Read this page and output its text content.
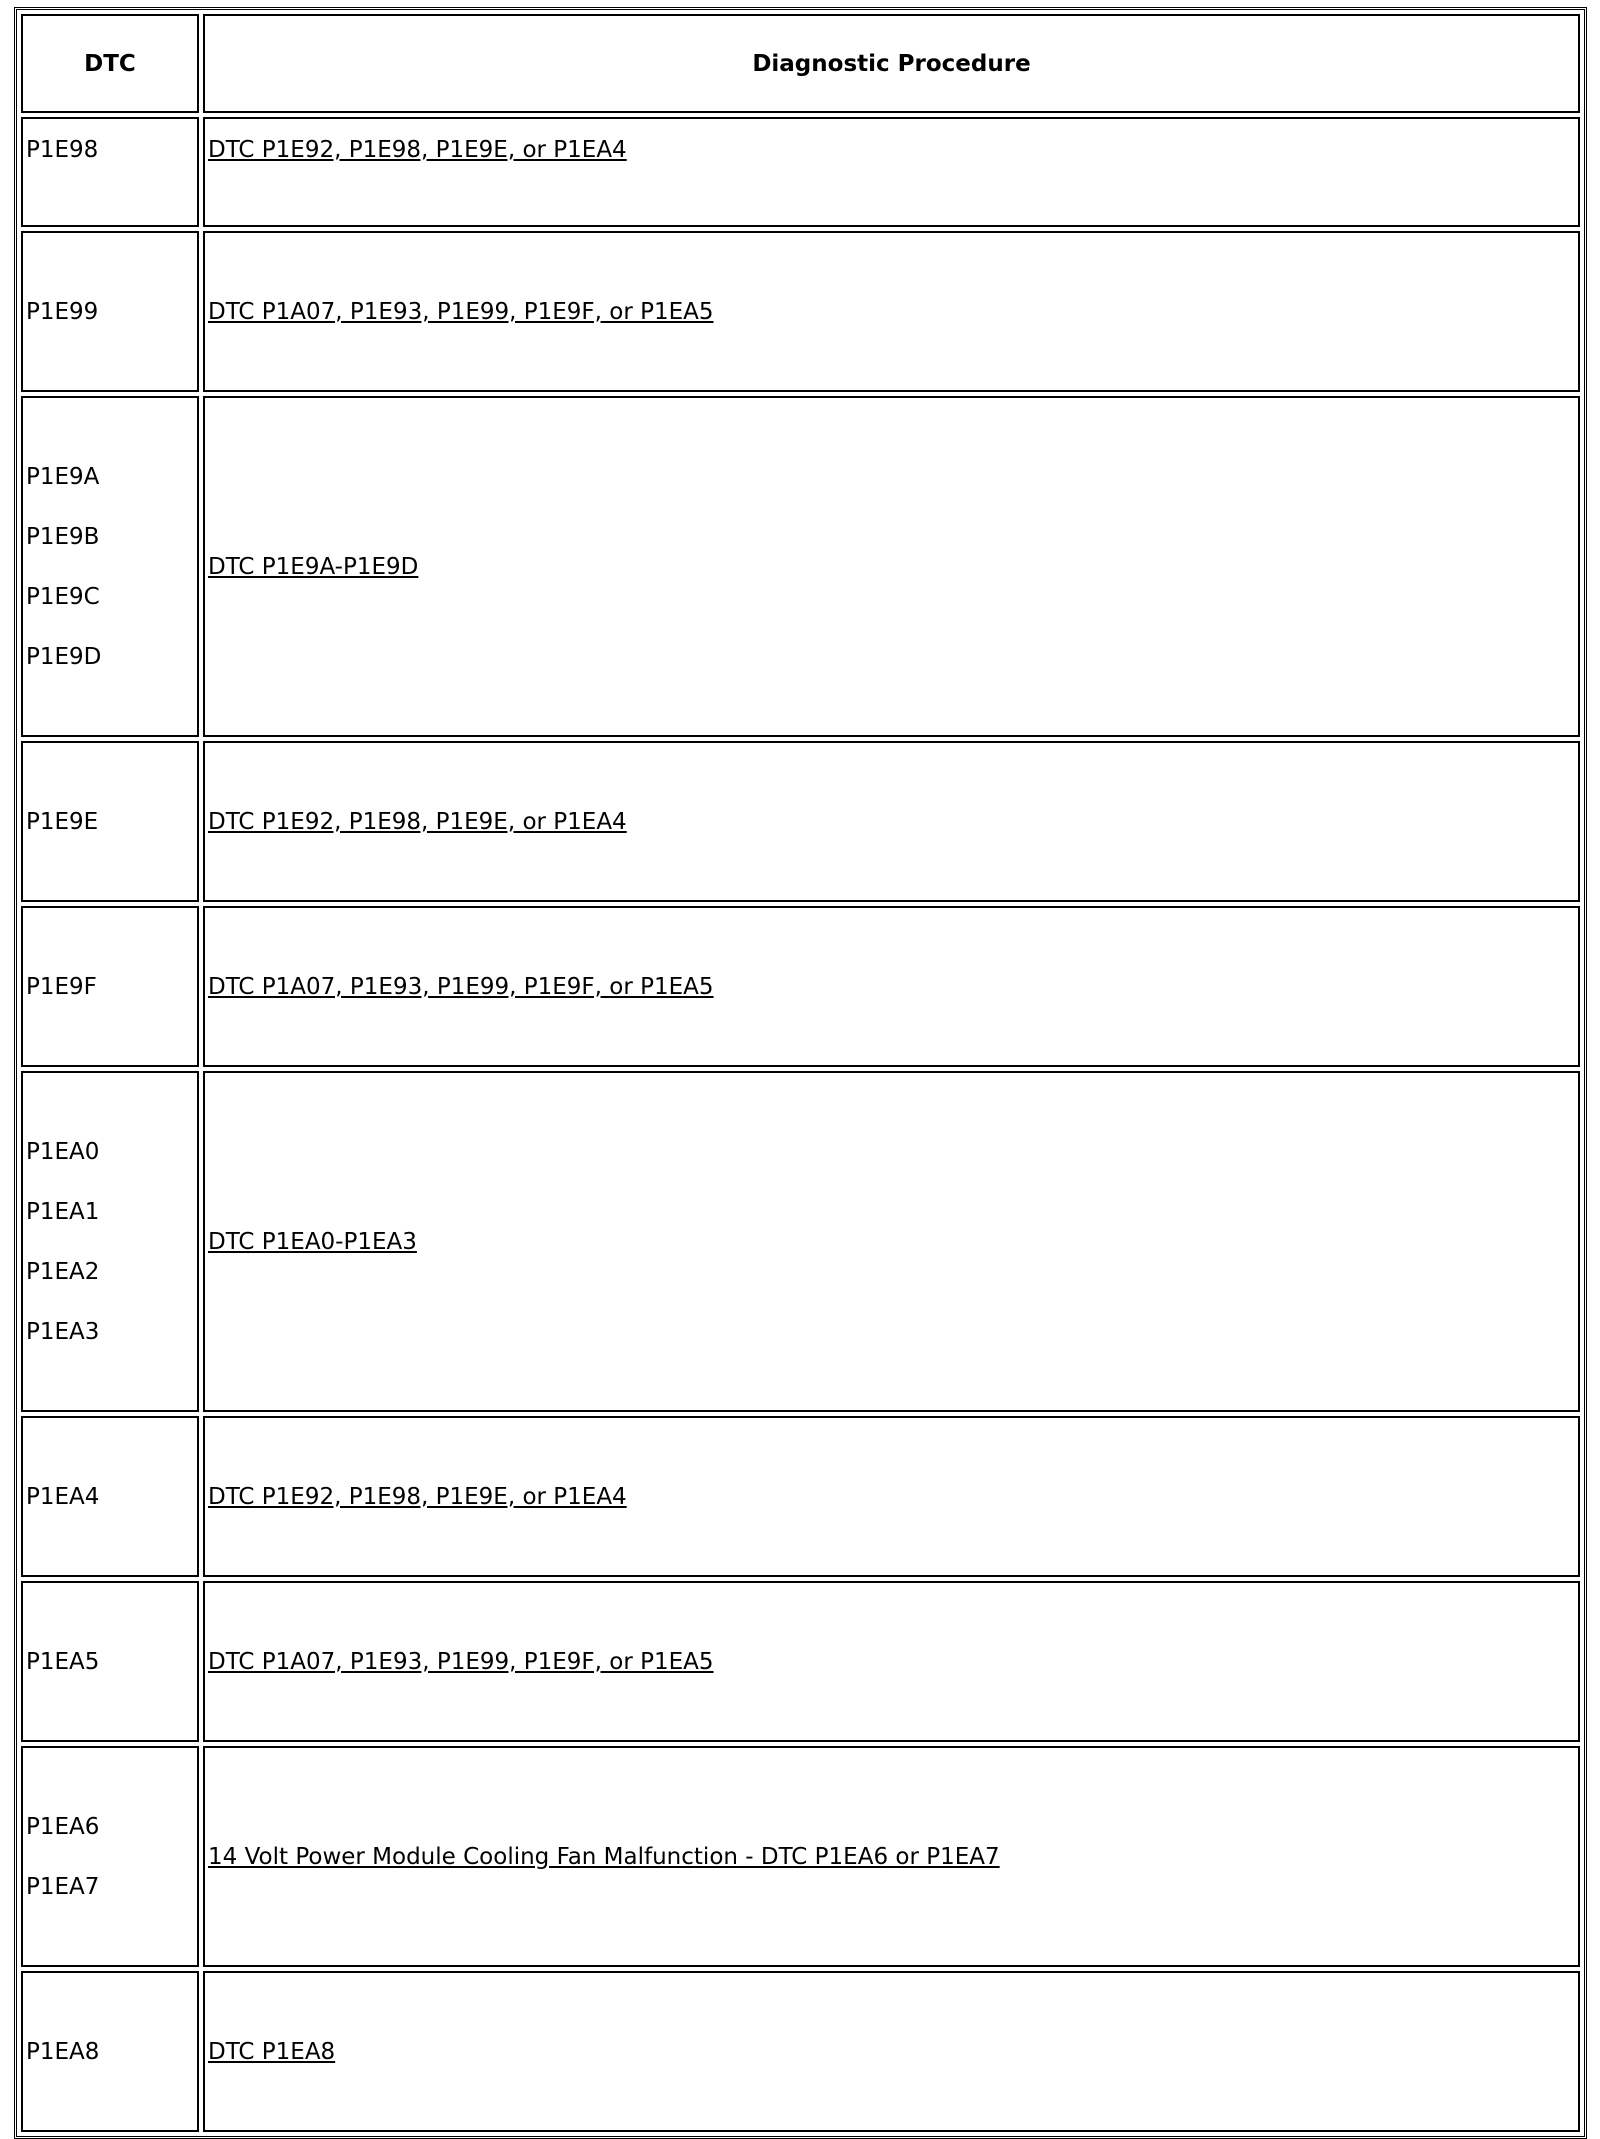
DTC	Diagnostic Procedure

P1E98	DTC P1E92, P1E98, P1E9E, or P1EA4

P1E99	DTC P1A07, P1E93, P1E99, P1E9F, or P1EA5

P1E9A
P1E9B
P1E9C
P1E9D	DTC P1E9A-P1E9D

P1E9E	DTC P1E92, P1E98, P1E9E, or P1EA4

P1E9F	DTC P1A07, P1E93, P1E99, P1E9F, or P1EA5

P1EA0
P1EA1
P1EA2
P1EA3	DTC P1EA0-P1EA3

P1EA4	DTC P1E92, P1E98, P1E9E, or P1EA4

P1EA5	DTC P1A07, P1E93, P1E99, P1E9F, or P1EA5

P1EA6
P1EA7	14 Volt Power Module Cooling Fan Malfunction - DTC P1EA6 or P1EA7

P1EA8	DTC P1EA8
